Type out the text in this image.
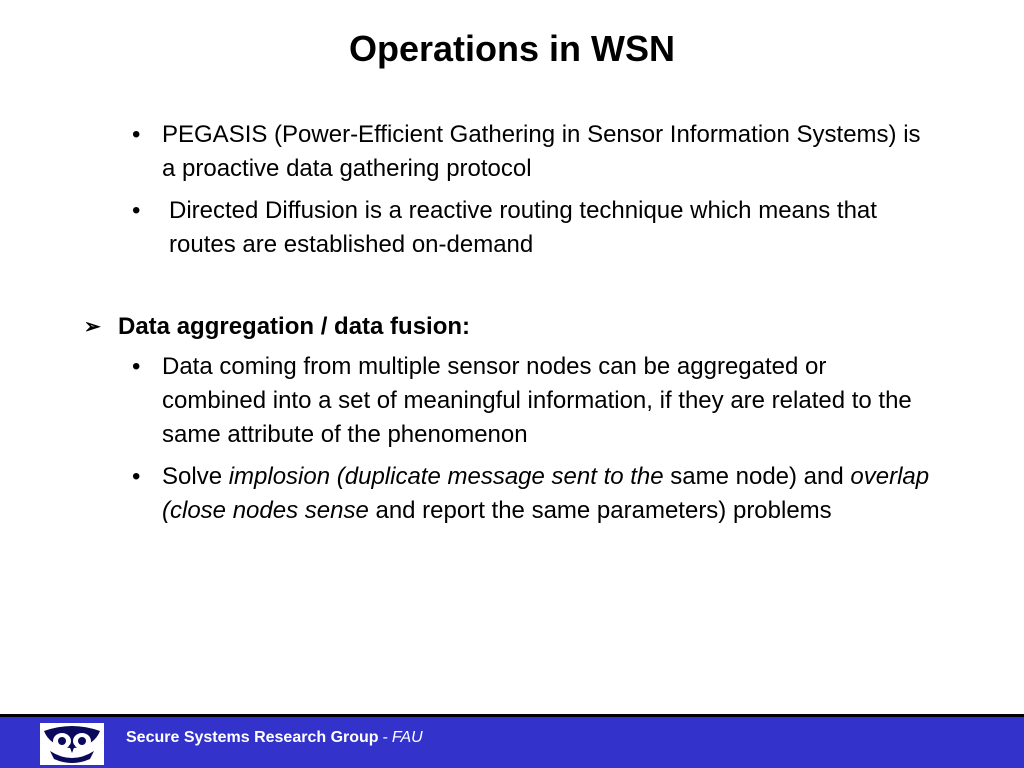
Operations in WSN
• PEGASIS (Power-Efficient Gathering in Sensor Information Systems) is a proactive data gathering protocol
•	Directed Diffusion is a reactive routing technique which means that routes are established on-demand
➢ Data aggregation / data fusion:
• Data coming from multiple sensor nodes can be aggregated or combined into a set of meaningful information, if they are related to the same attribute of the phenomenon
• Solve implosion (duplicate message sent to the same node) and overlap (close nodes sense and report the same parameters) problems
Secure Systems Research Group - FAU
